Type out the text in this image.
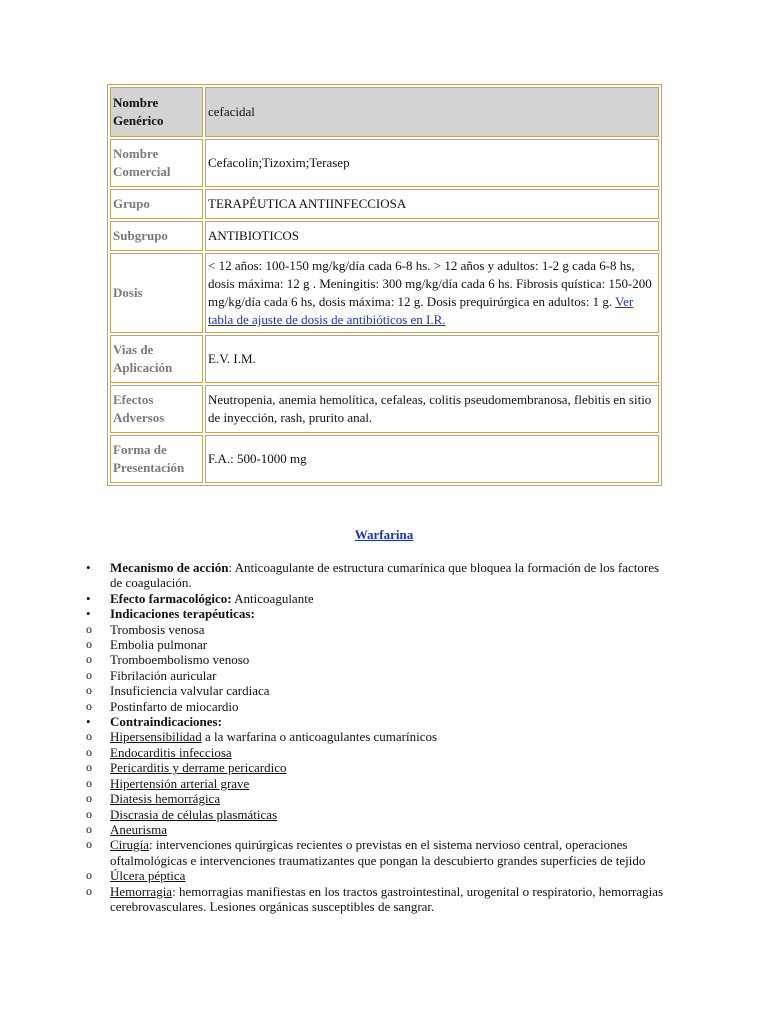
Nombre Genérico	cefacidal
Nombre Comercial	Cefacolín;Tizoxim;Terasep
Grupo	TERAPÉUTICA ANTIINFECCIOSA
Subgrupo	ANTIBIOTICOS
Dosis	< 12 años: 100-150 mg/kg/día cada 6-8 hs. > 12 años y adultos: 1-2 g cada 6-8 hs, dosis máxima: 12 g . Meningitis: 300 mg/kg/día cada 6 hs. Fibrosis quística: 150-200 mg/kg/día cada 6 hs, dosis máxima: 12 g. Dosis prequirúrgica en adultos: 1 g. Ver tabla de ajuste de dosis de antibióticos en I.R.
Vias de Aplicación	E.V. I.M.
Efectos Adversos	Neutropenia, anemia hemolítica, cefaleas, colitis pseudomembranosa, flebitis en sitio de inyección, rash, prurito anal.
Forma de Presentación	F.A.: 500-1000 mg
Warfarina
•	Mecanismo de acción: Anticoagulante de estructura cumarínica que bloquea la formación de los factores de coagulación.
•	Efecto farmacológico: Anticoagulante
•	Indicaciones terapéuticas:
o	Trombosis venosa
o	Embolia pulmonar
o	Tromboembolismo venoso
o	Fibrilación auricular
o	Insuficiencia valvular cardiaca
o	Postinfarto de miocardio
•	Contraindicaciones:
o	Hipersensibilidad a la warfarina o anticoagulantes cumarínicos
o	Endocarditis infecciosa
o	Pericarditis y derrame pericardico
o	Hipertensión arterial grave
o	Diatesis hemorrágica
o	Discrasia de células plasmáticas
o	Aneurisma
o	Cirugía: intervenciones quirúrgicas recientes o previstas en el sistema nervioso central, operaciones oftalmológicas e intervenciones traumatizantes que pongan la descubierto grandes superficies de tejido
o	Úlcera péptica
o	Hemorragia: hemorragias manifiestas en los tractos gastrointestinal, urogenital o respiratorio, hemorragias cerebrovasculares. Lesiones orgánicas susceptibles de sangrar.
